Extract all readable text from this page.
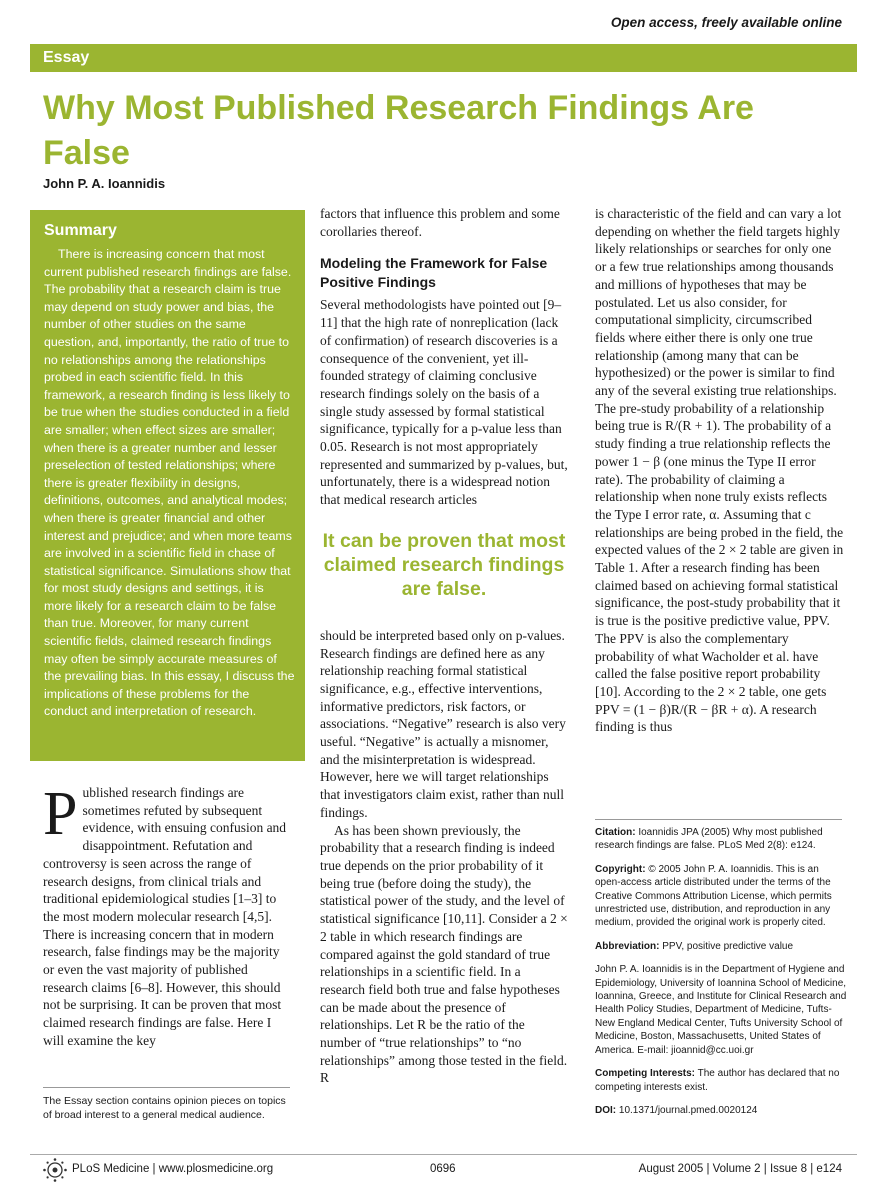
Open access, freely available online
Essay
Why Most Published Research Findings Are False
John P. A. Ioannidis
Summary

There is increasing concern that most current published research findings are false. The probability that a research claim is true may depend on study power and bias, the number of other studies on the same question, and, importantly, the ratio of true to no relationships among the relationships probed in each scientific field. In this framework, a research finding is less likely to be true when the studies conducted in a field are smaller; when effect sizes are smaller; when there is a greater number and lesser preselection of tested relationships; where there is greater flexibility in designs, definitions, outcomes, and analytical modes; when there is greater financial and other interest and prejudice; and when more teams are involved in a scientific field in chase of statistical significance. Simulations show that for most study designs and settings, it is more likely for a research claim to be false than true. Moreover, for many current scientific fields, claimed research findings may often be simply accurate measures of the prevailing bias. In this essay, I discuss the implications of these problems for the conduct and interpretation of research.

P ublished research findings are sometimes refuted by subsequent evidence, with ensuing confusion and disappointment. Refutation and controversy is seen across the range of research designs, from clinical trials and traditional epidemiological studies [1–3] to the most modern molecular research [4,5]. There is increasing concern that in modern research, false findings may be the majority or even the vast majority of published research claims [6–8]. However, this should not be surprising. It can be proven that most claimed research findings are false. Here I will examine the key

factors that influence this problem and some corollaries thereof.

Modeling the Framework for False Positive Findings

Several methodologists have pointed out [9–11] that the high rate of nonreplication (lack of confirmation) of research discoveries is a consequence of the convenient, yet ill-founded strategy of claiming conclusive research findings solely on the basis of a single study assessed by formal statistical significance, typically for a p-value less than 0.05. Research is not most appropriately represented and summarized by p-values, but, unfortunately, there is a widespread notion that medical research articles

It can be proven that most claimed research findings are false.

should be interpreted based only on p-values. Research findings are defined here as any relationship reaching formal statistical significance, e.g., effective interventions, informative predictors, risk factors, or associations. “Negative” research is also very useful. “Negative” is actually a misnomer, and the misinterpretation is widespread. However, here we will target relationships that investigators claim exist, rather than null findings.

As has been shown previously, the probability that a research finding is indeed true depends on the prior probability of it being true (before doing the study), the statistical power of the study, and the level of statistical significance [10,11]. Consider a 2 × 2 table in which research findings are compared against the gold standard of true relationships in a scientific field. In a research field both true and false hypotheses can be made about the presence of relationships. Let R be the ratio of the number of “true relationships” to “no relationships” among those tested in the field. R

is characteristic of the field and can vary a lot depending on whether the field targets highly likely relationships or searches for only one or a few true relationships among thousands and millions of hypotheses that may be postulated. Let us also consider, for computational simplicity, circumscribed fields where either there is only one true relationship (among many that can be hypothesized) or the power is similar to find any of the several existing true relationships. The pre-study probability of a relationship being true is R/(R + 1). The probability of a study finding a true relationship reflects the power 1 − β (one minus the Type II error rate). The probability of claiming a relationship when none truly exists reflects the Type I error rate, α. Assuming that c relationships are being probed in the field, the expected values of the 2 × 2 table are given in Table 1. After a research finding has been claimed based on achieving formal statistical significance, the post-study probability that it is true is the positive predictive value, PPV. The PPV is also the complementary probability of what Wacholder et al. have called the false positive report probability [10]. According to the 2 × 2 table, one gets PPV = (1 − β)R/(R − βR + α). A research finding is thus

The Essay section contains opinion pieces on topics of broad interest to a general medical audience.

Citation: Ioannidis JPA (2005) Why most published research findings are false. PLoS Med 2(8): e124.

Copyright: © 2005 John P. A. Ioannidis. This is an open-access article distributed under the terms of the Creative Commons Attribution License, which permits unrestricted use, distribution, and reproduction in any medium, provided the original work is properly cited.

Abbreviation: PPV, positive predictive value

John P. A. Ioannidis is in the Department of Hygiene and Epidemiology, University of Ioannina School of Medicine, Ioannina, Greece, and Institute for Clinical Research and Health Policy Studies, Department of Medicine, Tufts-New England Medical Center, Tufts University School of Medicine, Boston, Massachusetts, United States of America. E-mail: jioannid@cc.uoi.gr

Competing Interests: The author has declared that no competing interests exist.

DOI: 10.1371/journal.pmed.0020124

PLoS Medicine | www.plosmedicine.org	0696	August 2005 | Volume 2 | Issue 8 | e124
